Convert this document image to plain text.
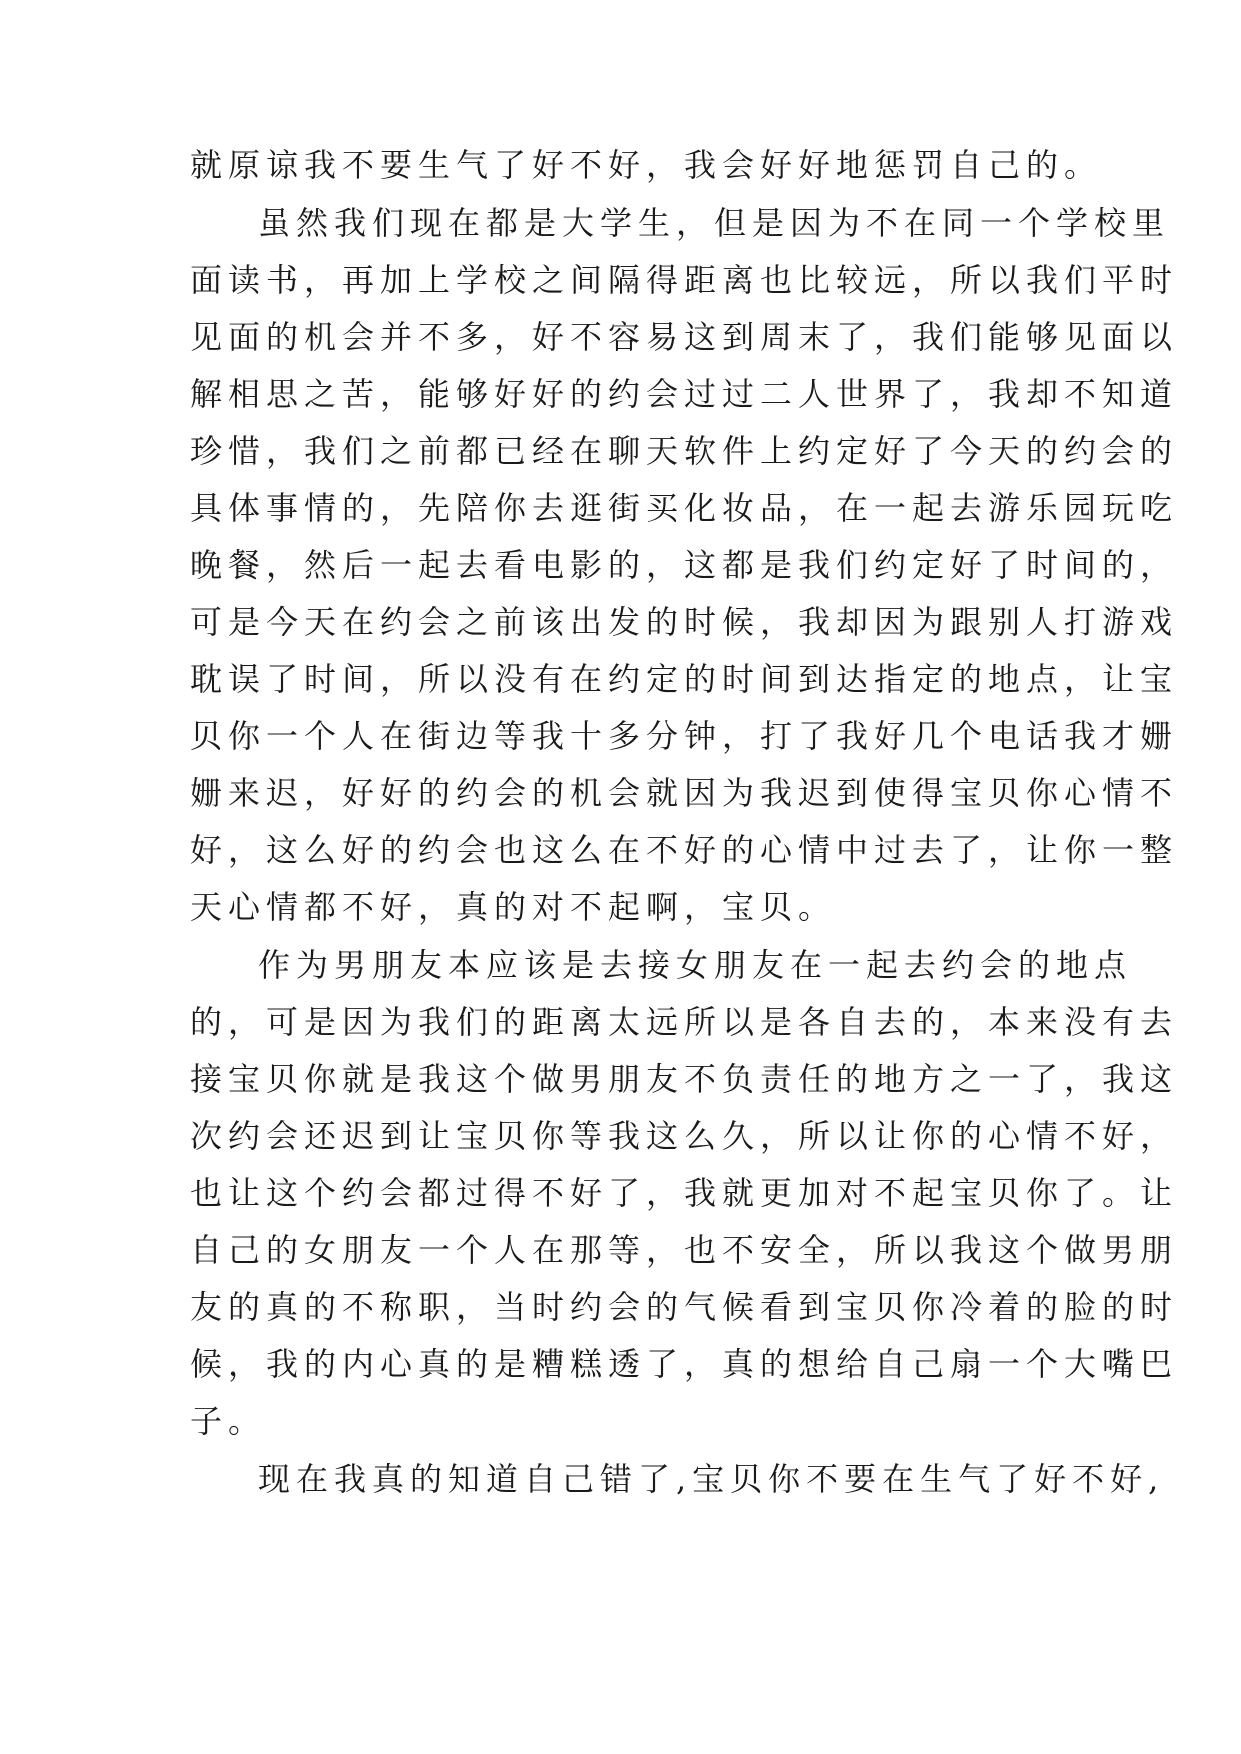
就原谅我不要生气了好不好，我会好好地惩罚自己的。
虽然我们现在都是大学生，但是因为不在同一个学校里
面读书，再加上学校之间隔得距离也比较远，所以我们平时
见面的机会并不多，好不容易这到周末了，我们能够见面以
解相思之苦，能够好好的约会过过二人世界了，我却不知道
珍惜，我们之前都已经在聊天软件上约定好了今天的约会的
具体事情的，先陪你去逛街买化妆品，在一起去游乐园玩吃
晚餐，然后一起去看电影的，这都是我们约定好了时间的，
可是今天在约会之前该出发的时候，我却因为跟别人打游戏
耽误了时间，所以没有在约定的时间到达指定的地点，让宝
贝你一个人在街边等我十多分钟，打了我好几个电话我才姗
姗来迟，好好的约会的机会就因为我迟到使得宝贝你心情不
好，这么好的约会也这么在不好的心情中过去了，让你一整
天心情都不好，真的对不起啊，宝贝。
作为男朋友本应该是去接女朋友在一起去约会的地点
的，可是因为我们的距离太远所以是各自去的，本来没有去
接宝贝你就是我这个做男朋友不负责任的地方之一了，我这
次约会还迟到让宝贝你等我这么久，所以让你的心情不好，
也让这个约会都过得不好了，我就更加对不起宝贝你了。让
自己的女朋友一个人在那等，也不安全，所以我这个做男朋
友的真的不称职，当时约会的气候看到宝贝你冷着的脸的时
候，我的内心真的是糟糕透了，真的想给自己扇一个大嘴巴
子。
现在我真的知道自己错了,宝贝你不要在生气了好不好,
